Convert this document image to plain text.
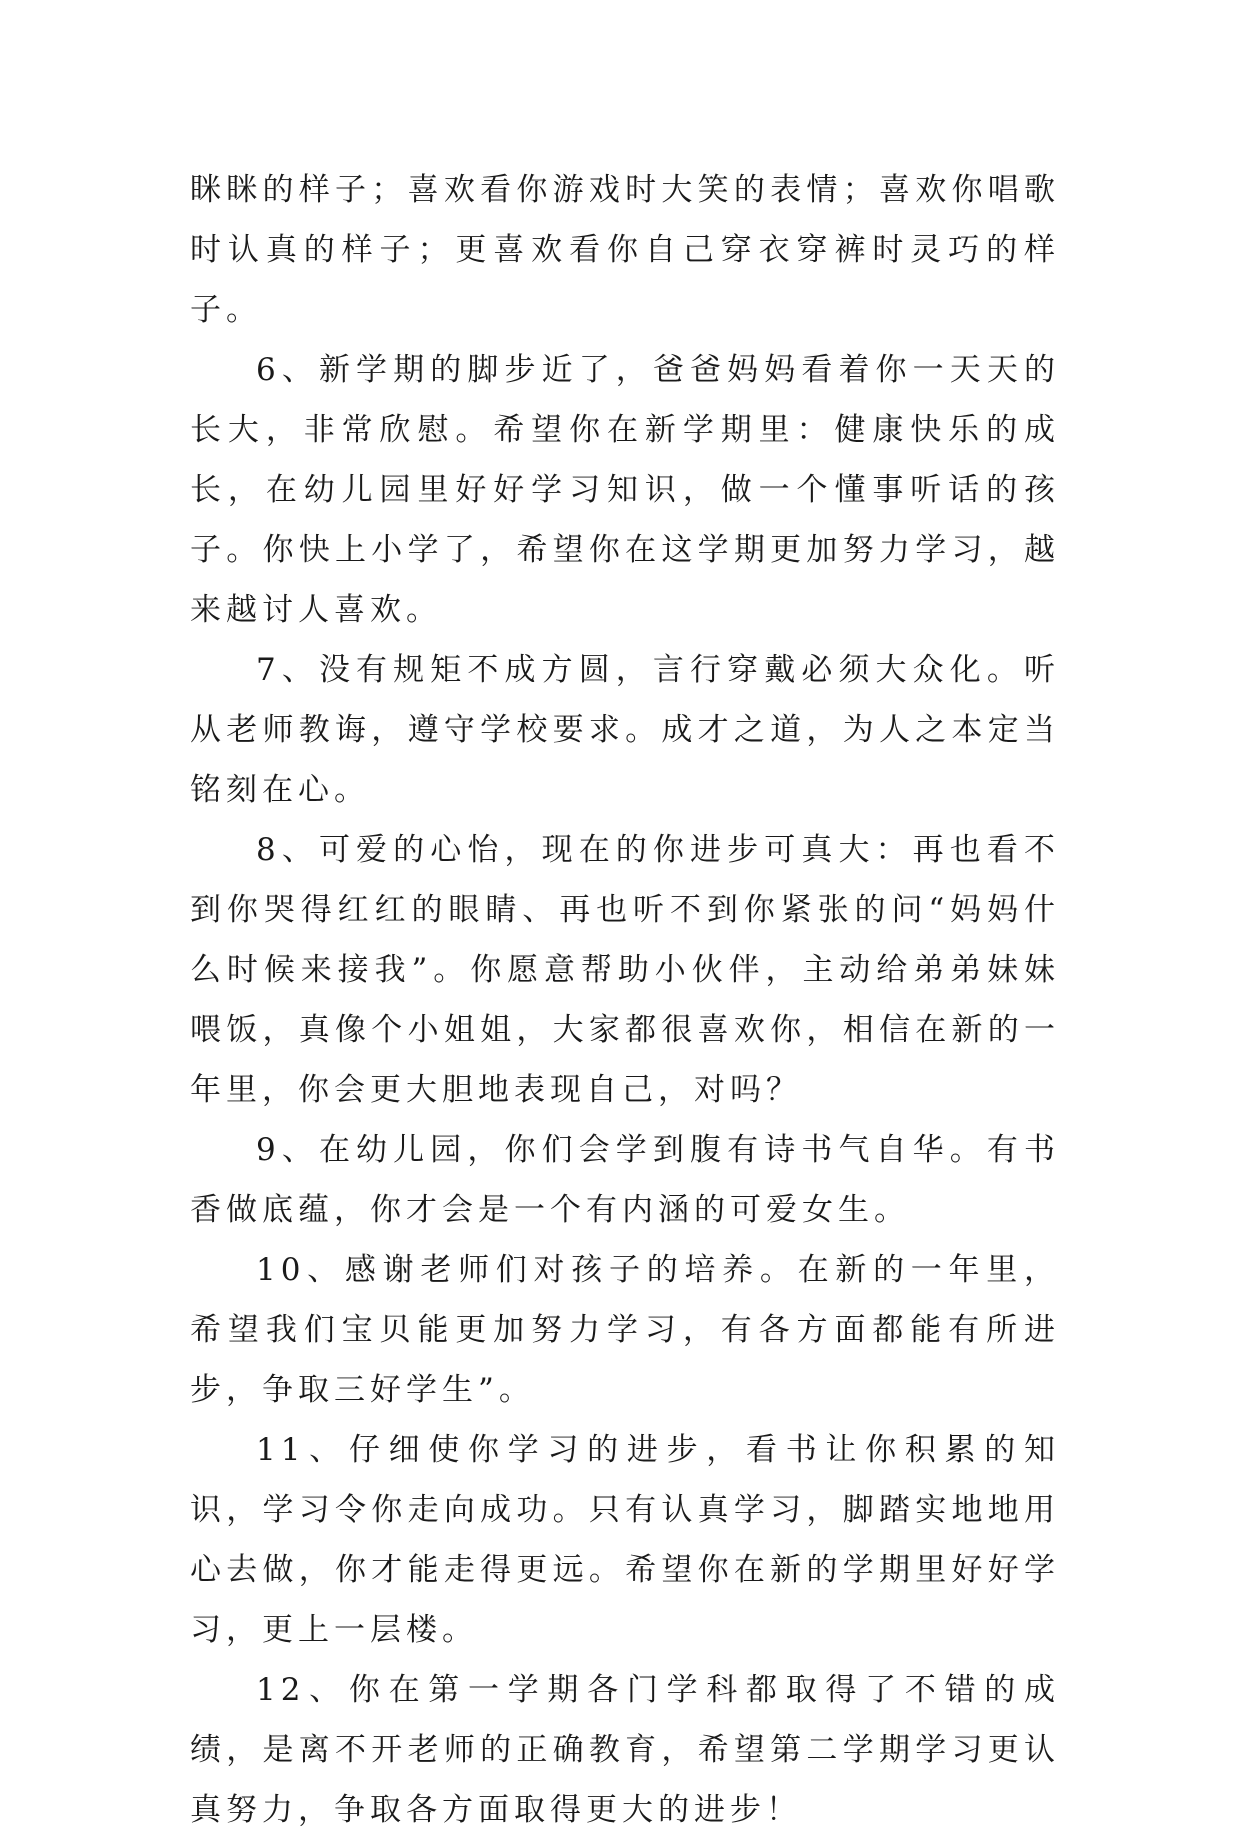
眯眯的样子；喜欢看你游戏时大笑的表情；喜欢你唱歌时认真的样子；更喜欢看你自己穿衣穿裤时灵巧的样子。

6、新学期的脚步近了，爸爸妈妈看着你一天天的长大，非常欣慰。希望你在新学期里：健康快乐的成长，在幼儿园里好好学习知识，做一个懂事听话的孩子。你快上小学了，希望你在这学期更加努力学习，越来越讨人喜欢。

7、没有规矩不成方圆，言行穿戴必须大众化。听从老师教诲，遵守学校要求。成才之道，为人之本定当铭刻在心。

8、可爱的心怡，现在的你进步可真大：再也看不到你哭得红红的眼睛、再也听不到你紧张的问“妈妈什么时候来接我”。你愿意帮助小伙伴，主动给弟弟妹妹喂饭，真像个小姐姐，大家都很喜欢你，相信在新的一年里，你会更大胆地表现自己，对吗？

9、在幼儿园，你们会学到腹有诗书气自华。有书香做底蕴，你才会是一个有内涵的可爱女生。

10、感谢老师们对孩子的培养。在新的一年里，希望我们宝贝能更加努力学习，有各方面都能有所进步，争取三好学生”。

11、仔细使你学习的进步，看书让你积累的知识，学习令你走向成功。只有认真学习，脚踏实地地用心去做，你才能走得更远。希望你在新的学期里好好学习，更上一层楼。

12、你在第一学期各门学科都取得了不错的成绩，是离不开老师的正确教育，希望第二学期学习更认真努力，争取各方面取得更大的进步！
